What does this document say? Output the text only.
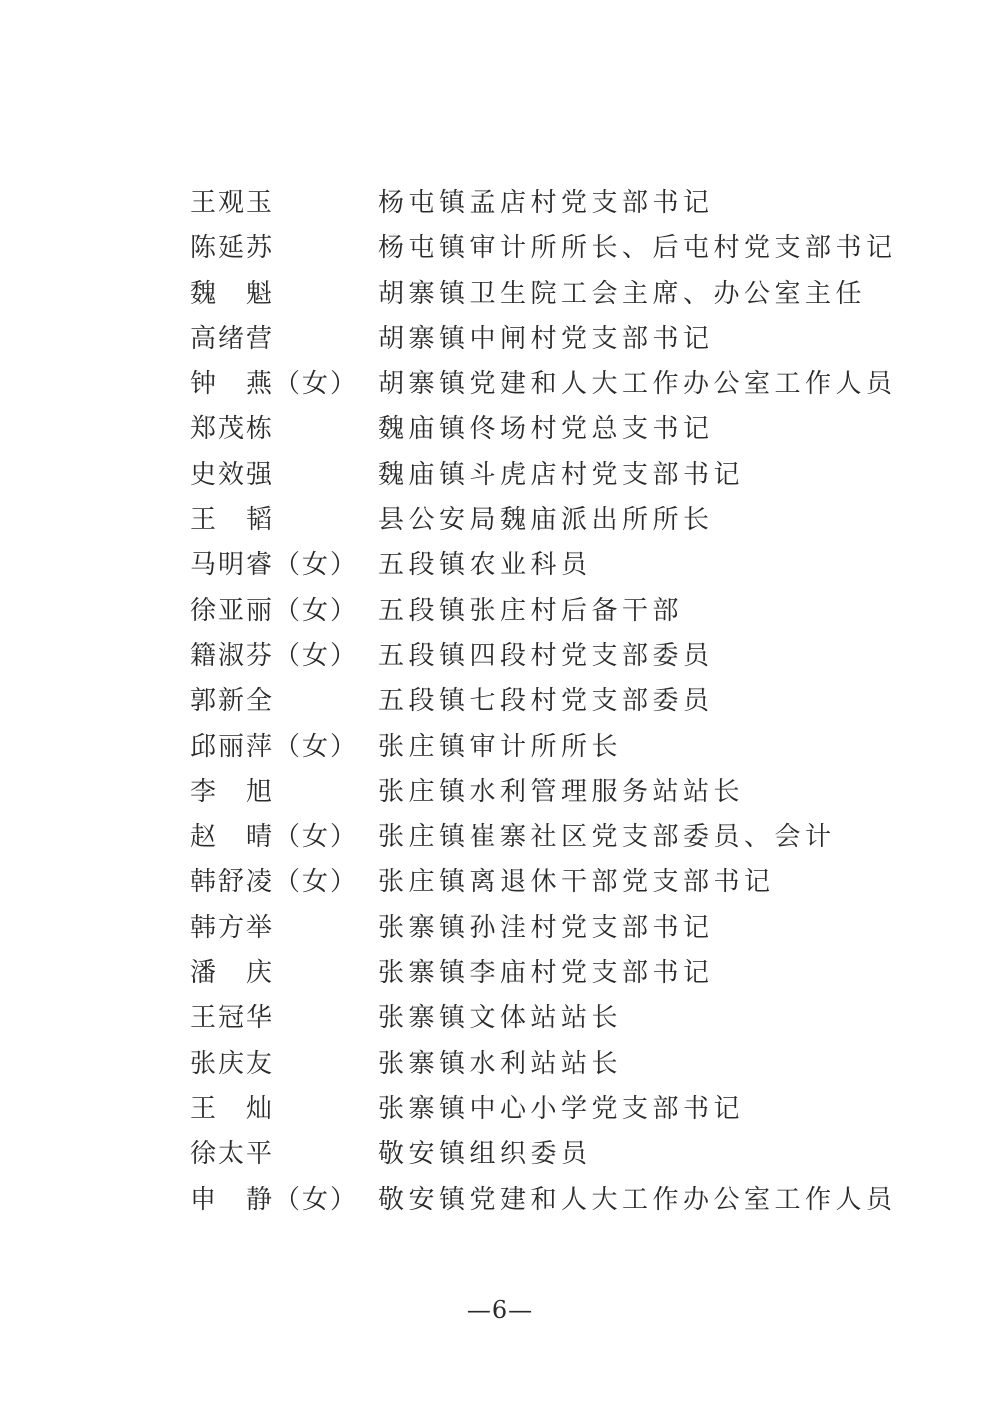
王观玉	杨屯镇孟店村党支部书记
陈延苏	杨屯镇审计所所长、后屯村党支部书记
魏　魁	胡寨镇卫生院工会主席、办公室主任
高绪营	胡寨镇中闸村党支部书记
钟　燕（女） 胡寨镇党建和人大工作办公室工作人员
郑茂栋	魏庙镇佟场村党总支书记
史效强	魏庙镇斗虎店村党支部书记
王　韬	县公安局魏庙派出所所长
马明睿（女） 五段镇农业科员
徐亚丽（女） 五段镇张庄村后备干部
籍淑芬（女） 五段镇四段村党支部委员
郭新全	五段镇七段村党支部委员
邱丽萍（女） 张庄镇审计所所长
李　旭	张庄镇水利管理服务站站长
赵　晴（女） 张庄镇崔寨社区党支部委员、会计
韩舒凌（女） 张庄镇离退休干部党支部书记
韩方举	张寨镇孙洼村党支部书记
潘　庆	张寨镇李庙村党支部书记
王冠华	张寨镇文体站站长
张庆友	张寨镇水利站站长
王　灿	张寨镇中心小学党支部书记
徐太平	敬安镇组织委员
申　静（女） 敬安镇党建和人大工作办公室工作人员
—6—
